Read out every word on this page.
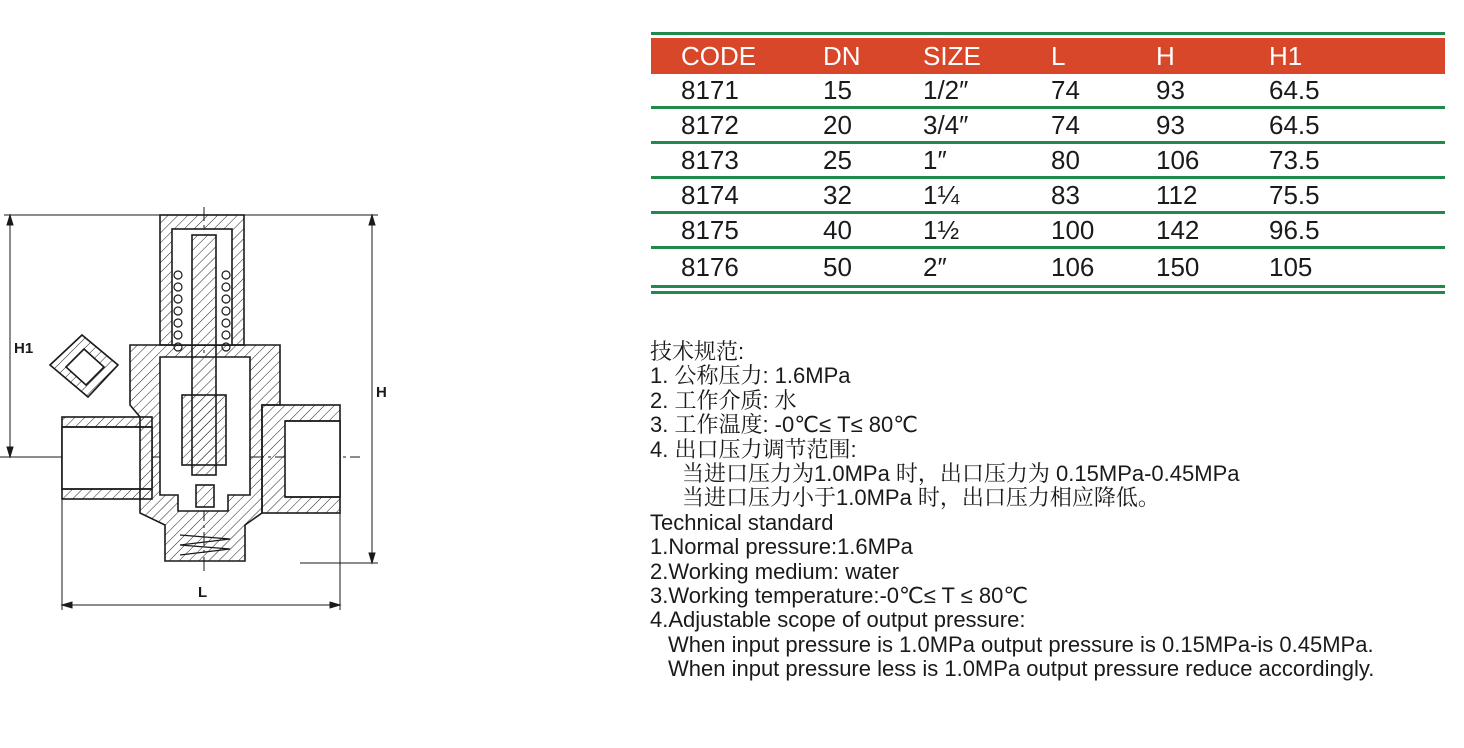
H1
H
L
CODE	DN SIZE	L	H	H1
8171	15	1/2″	74	93	64.5
8172	20	3/4″	74	93	64.5
8173	25	1″	80	106	73.5
8174	32	1¼	83	112	75.5
8175	40	1½	100 142	96.5
8176	50	2″	106 150	105
技术规范:
1. 公称压力: 1.6MPa
2. 工作介质: 水
3. 工作温度: -0℃≤ T≤ 80℃
4. 出口压力调节范围:
当进口压力为1.0MPa 时，出口压力为 0.15MPa-0.45MPa
当进口压力小于1.0MPa 时，出口压力相应降低。
Technical standard
1.Normal pressure:1.6MPa
2.Working medium: water
3.Working temperature:-0℃≤ T ≤ 80℃
4.Adjustable scope of output pressure:
When input pressure is 1.0MPa output pressure is 0.15MPa-is 0.45MPa.
When input pressure less is 1.0MPa output pressure reduce accordingly.
